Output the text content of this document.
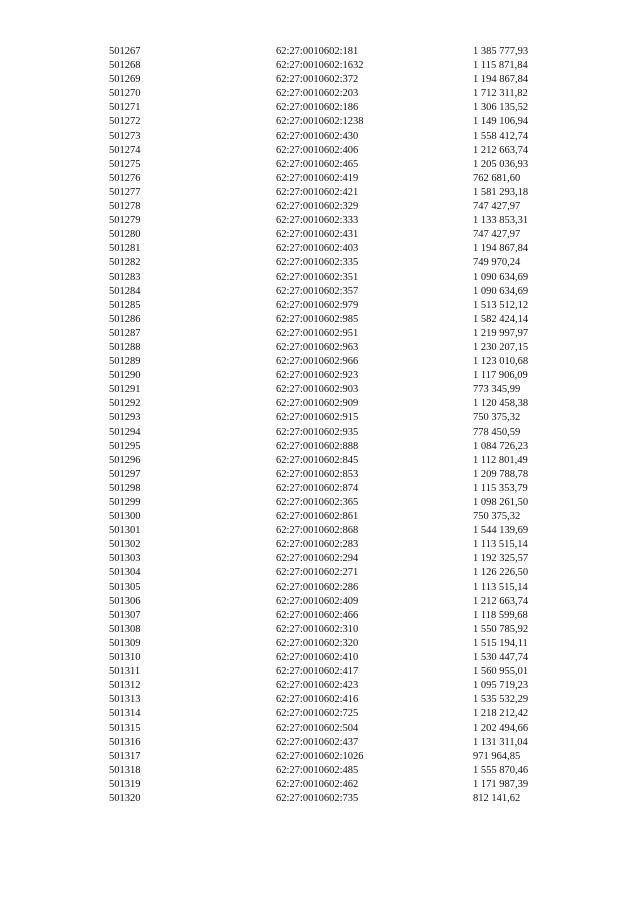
501267	62:27:0010602:181	1 385 777,93
501268	62:27:0010602:1632	1 115 871,84
501269	62:27:0010602:372	1 194 867,84
501270	62:27:0010602:203	1 712 311,82
501271	62:27:0010602:186	1 306 135,52
501272	62:27:0010602:1238	1 149 106,94
501273	62:27:0010602:430	1 558 412,74
501274	62:27:0010602:406	1 212 663,74
501275	62:27:0010602:465	1 205 036,93
501276	62:27:0010602:419	762 681,60
501277	62:27:0010602:421	1 581 293,18
501278	62:27:0010602:329	747 427,97
501279	62:27:0010602:333	1 133 853,31
501280	62:27:0010602:431	747 427,97
501281	62:27:0010602:403	1 194 867,84
501282	62:27:0010602:335	749 970,24
501283	62:27:0010602:351	1 090 634,69
501284	62:27:0010602:357	1 090 634,69
501285	62:27:0010602:979	1 513 512,12
501286	62:27:0010602:985	1 582 424,14
501287	62:27:0010602:951	1 219 997,97
501288	62:27:0010602:963	1 230 207,15
501289	62:27:0010602:966	1 123 010,68
501290	62:27:0010602:923	1 117 906,09
501291	62:27:0010602:903	773 345,99
501292	62:27:0010602:909	1 120 458,38
501293	62:27:0010602:915	750 375,32
501294	62:27:0010602:935	778 450,59
501295	62:27:0010602:888	1 084 726,23
501296	62:27:0010602:845	1 112 801,49
501297	62:27:0010602:853	1 209 788,78
501298	62:27:0010602:874	1 115 353,79
501299	62:27:0010602:365	1 098 261,50
501300	62:27:0010602:861	750 375,32
501301	62:27:0010602:868	1 544 139,69
501302	62:27:0010602:283	1 113 515,14
501303	62:27:0010602:294	1 192 325,57
501304	62:27:0010602:271	1 126 226,50
501305	62:27:0010602:286	1 113 515,14
501306	62:27:0010602:409	1 212 663,74
501307	62:27:0010602:466	1 118 599,68
501308	62:27:0010602:310	1 550 785,92
501309	62:27:0010602:320	1 515 194,11
501310	62:27:0010602:410	1 530 447,74
501311	62:27:0010602:417	1 560 955,01
501312	62:27:0010602:423	1 095 719,23
501313	62:27:0010602:416	1 535 532,29
501314	62:27:0010602:725	1 218 212,42
501315	62:27:0010602:504	1 202 494,66
501316	62:27:0010602:437	1 131 311,04
501317	62:27:0010602:1026	971 964,85
501318	62:27:0010602:485	1 555 870,46
501319	62:27:0010602:462	1 171 987,39
501320	62:27:0010602:735	812 141,62
